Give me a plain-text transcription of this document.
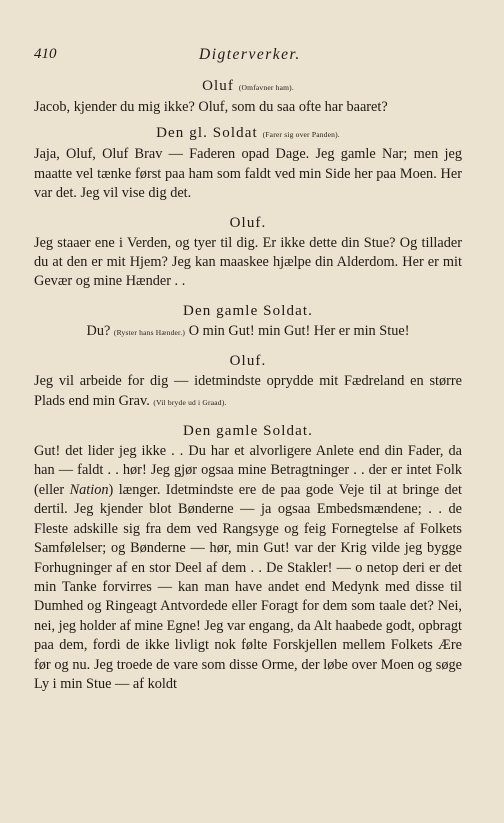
410	Digterverker.
Oluf (Omfavner ham).

Jacob, kjender du mig ikke? Oluf, som du saa ofte har baaret?

Den gl. Soldat (Farer sig over Panden).

Jaja, Oluf, Oluf Brav — Faderen opad Dage. Jeg gamle Nar; men jeg maatte vel tænke først paa ham som faldt ved min Side her paa Moen. Her var det. Jeg vil vise dig det.

Oluf.

Jeg staaer ene i Verden, og tyer til dig. Er ikke dette din Stue? Og tillader du at den er mit Hjem? Jeg kan maaskee hjælpe din Alderdom. Her er mit Gevær og mine Hænder . .

Den gamle Soldat.

Du? (Ryster hans Hænder.) O min Gut! min Gut! Her er min Stue!

Oluf.

Jeg vil arbeide for dig — idetmindste oprydde mit Fædreland en større Plads end min Grav. (Vil bryde ud i Graad).

Den gamle Soldat.

Gut! det lider jeg ikke . . Du har et alvorligere Anlete end din Fader, da han — faldt . . hør! Jeg gjør ogsaa mine Betragtninger . . der er intet Folk (eller Nation) længer. Idetmindste ere de paa gode Veje til at bringe det dertil. Jeg kjender blot Bønderne — ja ogsaa Embedsmændene; . . de Fleste adskille sig fra dem ved Rangsyge og feig Fornegtelse af Folkets Samfølelser; og Bønderne — hør, min Gut! var der Krig vilde jeg bygge Forhugninger af en stor Deel af dem . . De Stakler! — o netop deri er det min Tanke forvirres — kan man have andet end Medynk med disse til Dumhed og Ringeagt Antvordede eller Foragt for dem som taale det? Nei, nei, jeg holder af mine Egne! Jeg var engang, da Alt haabede godt, opbragt paa dem, fordi de ikke livligt nok følte Forskjellen mellem Folkets Ære før og nu. Jeg troede de vare som disse Orme, der løbe over Moen og søge Ly i min Stue — af koldt
